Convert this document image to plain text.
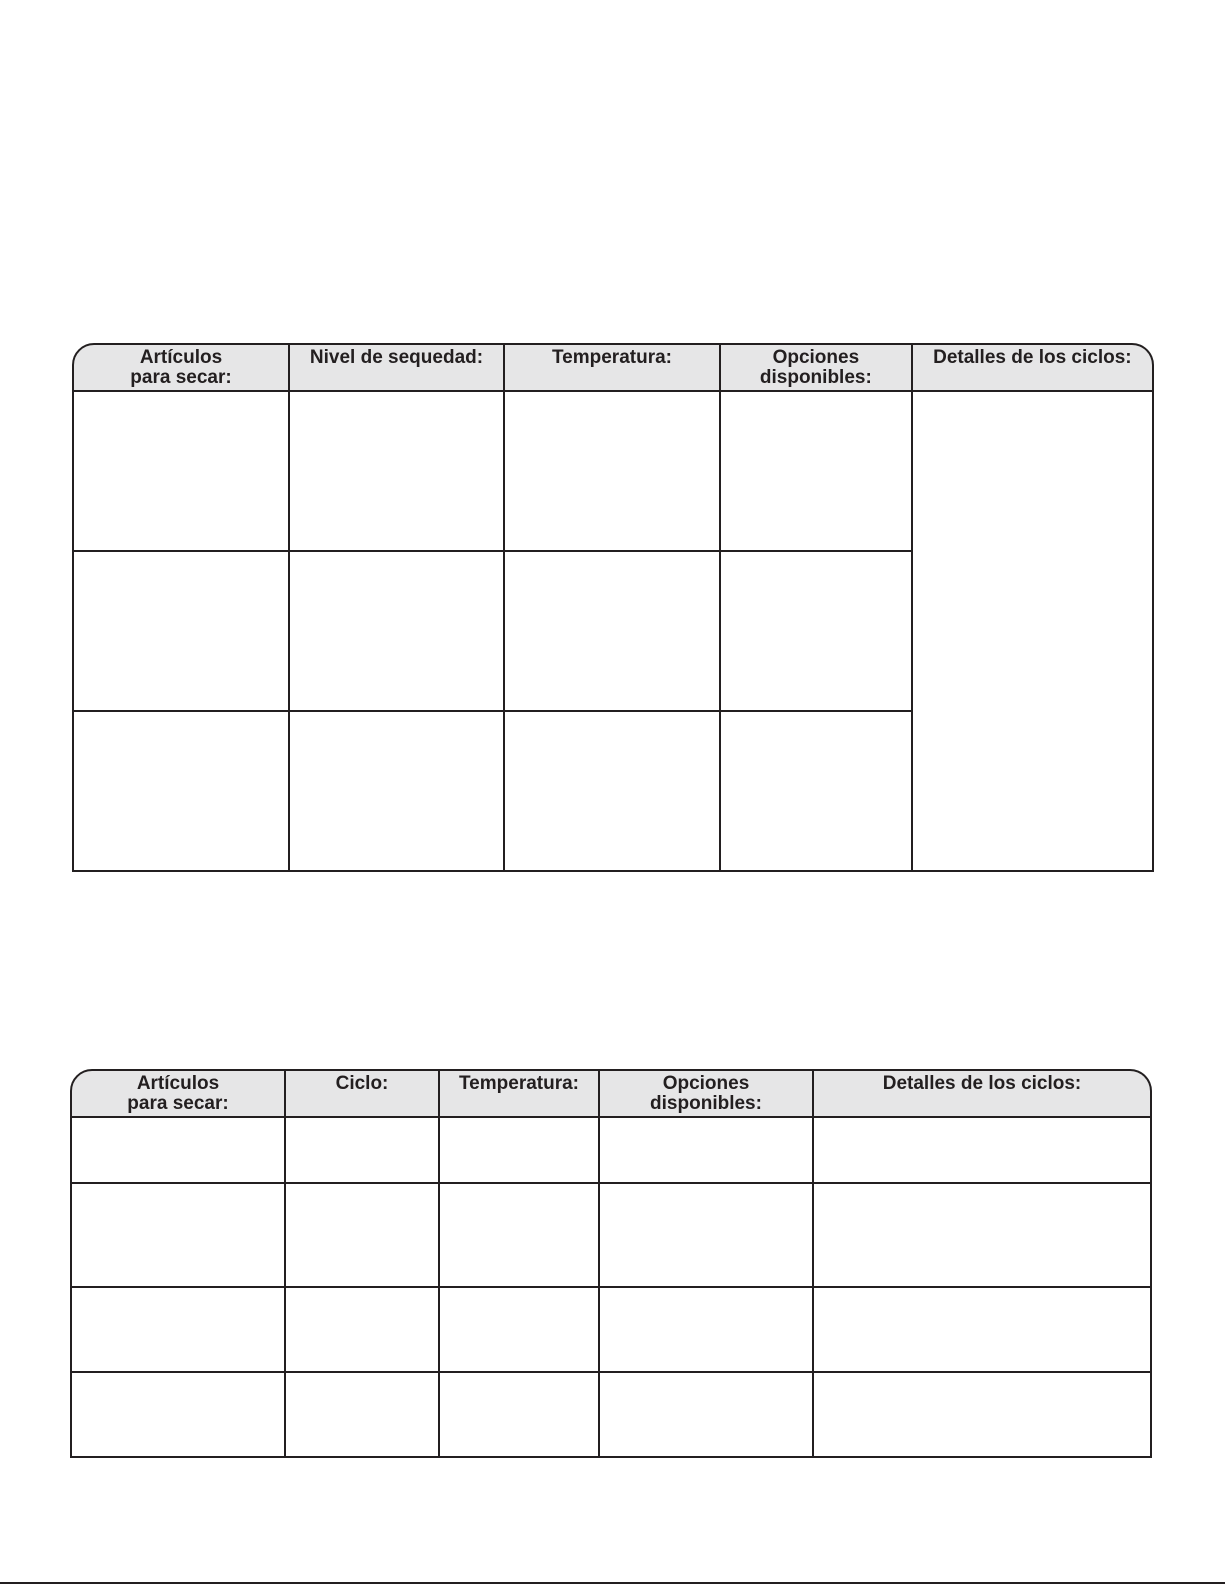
Artículos
para secar:	Nivel de sequedad:	Temperatura:	Opciones
disponibles:	Detalles de los ciclos:

Artículos
para secar:	Ciclo:	Temperatura:	Opciones
disponibles:	Detalles de los ciclos:
